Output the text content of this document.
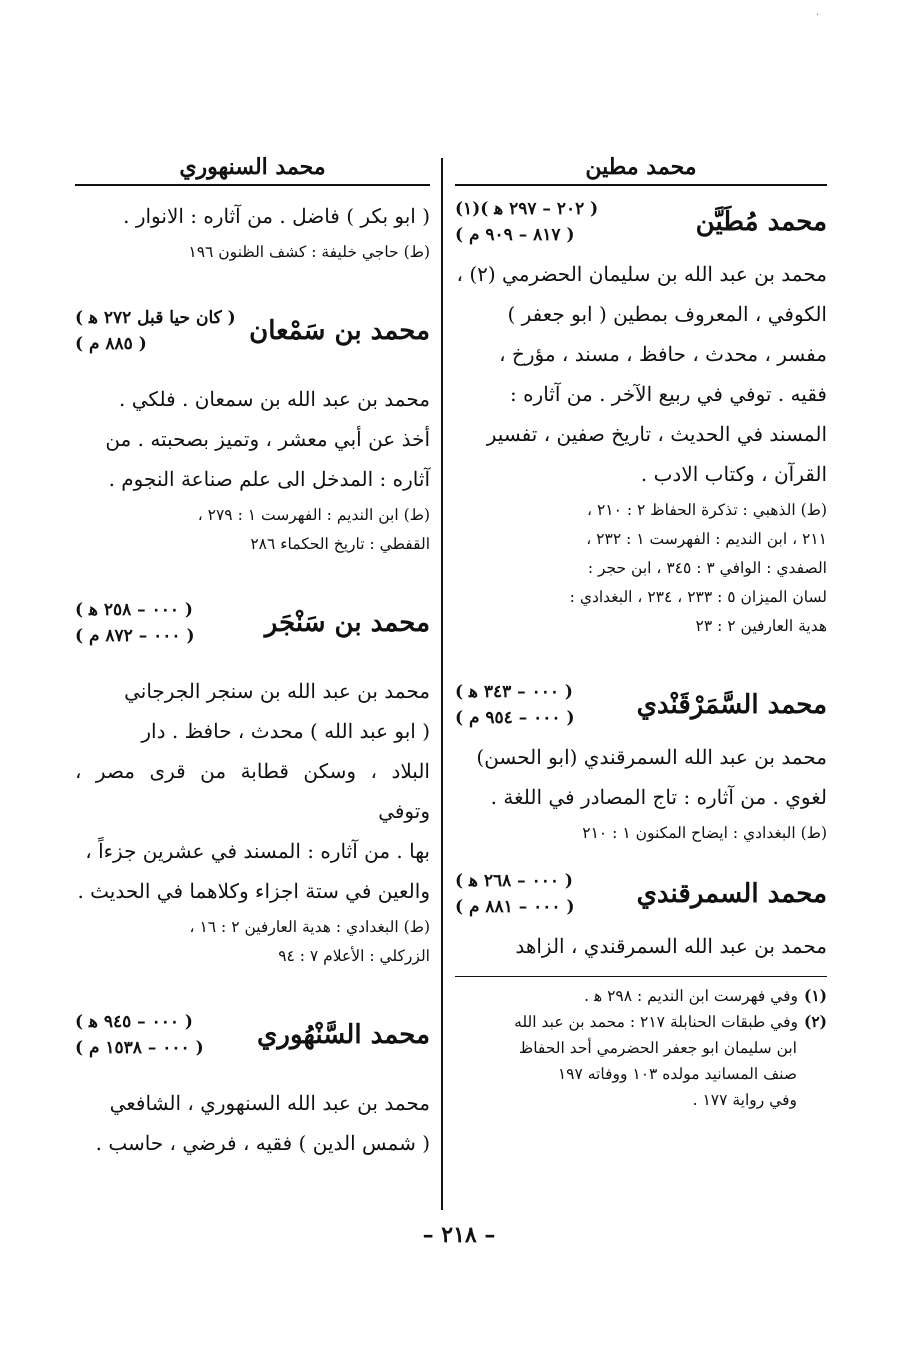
·
محمد مطين
محمد مُطَيَّن
( ٢٠٢ – ٢٩٧ ﻫ )(١)
( ٨١٧ – ٩٠٩ م )

محمد بن عبد الله بن سليمان الحضرمي (٢) ،

الكوفي ، المعروف بمطين ( ابو جعفر )

مفسر ، محدث ، حافظ ، مسند ، مؤرخ ،

فقيه . توفي في ربيع الآخر . من آثاره :

المسند في الحديث ، تاريخ صفين ، تفسير

القرآن ، وكتاب الادب .

(ط) الذهبي : تذكرة الحفاظ ٢ : ٢١٠ ،

٢١١ ، ابن النديم : الفهرست ١ : ٢٣٢ ،

الصفدي : الوافي ٣ : ٣٤٥ ، ابن حجر :

لسان الميزان ٥ : ٢٣٣ ، ٢٣٤ ، البغدادي :

هدية العارفين ٢ : ٢٣

محمد السَّمَرْقَنْدي
( ٠٠٠ – ٣٤٣ ﻫ )
( ٠٠٠ – ٩٥٤ م )

محمد بن عبد الله السمرقندي (ابو الحسن)

لغوي . من آثاره : تاج المصادر في اللغة .

(ط) البغدادي : ايضاح المكنون ١ : ٢١٠

محمد السمرقندي
( ٠٠٠ – ٢٦٨ ﻫ )
( ٠٠٠ – ٨٨١ م )

محمد بن عبد الله السمرقندي ، الزاهد

(١)وفي فهرست ابن النديم : ٢٩٨ ﻫ .

(٢)وفي طبقات الحنابلة ٢١٧ : محمد بن عبد الله

ابن سليمان ابو جعفر الحضرمي أحد الحفاظ

صنف المسانيد مولده ١٠٣ ووفاته ١٩٧

وفي رواية ١٧٧ .

محمد السنهوري

( ابو بكر ) فاضل . من آثاره : الانوار .

(ط) حاجي خليفة : كشف الظنون ١٩٦

محمد بن سَمْعان
( كان حيا قبل ٢٧٢ ﻫ )
( ٨٨٥ م )

محمد بن عبد الله بن سمعان . فلكي .

أخذ عن أبي معشر ، وتميز بصحبته . من

آثاره : المدخل الى علم صناعة النجوم .

(ط) ابن النديم : الفهرست ١ : ٢٧٩ ،

القفطي : تاريخ الحكماء ٢٨٦

محمد بن سَنْجَر
( ٠٠٠ – ٢٥٨ ﻫ )
( ٠٠٠ – ٨٧٢ م )

محمد بن عبد الله بن سنجر الجرجاني

( ابو عبد الله ) محدث ، حافظ . دار

البلاد ، وسكن قطابة من قرى مصر ، وتوفي

بها . من آثاره : المسند في عشرين جزءاً ،

والعين في ستة اجزاء وكلاهما في الحديث .

(ط) البغدادي : هدية العارفين ٢ : ١٦ ،

الزركلي : الأعلام ٧ : ٩٤

محمد السَّنْهُوري
( ٠٠٠ – ٩٤٥ ﻫ )
( ٠٠٠ – ١٥٣٨ م )

محمد بن عبد الله السنهوري ، الشافعي

( شمس الدين ) فقيه ، فرضي ، حاسب .

– ٢١٨ –
